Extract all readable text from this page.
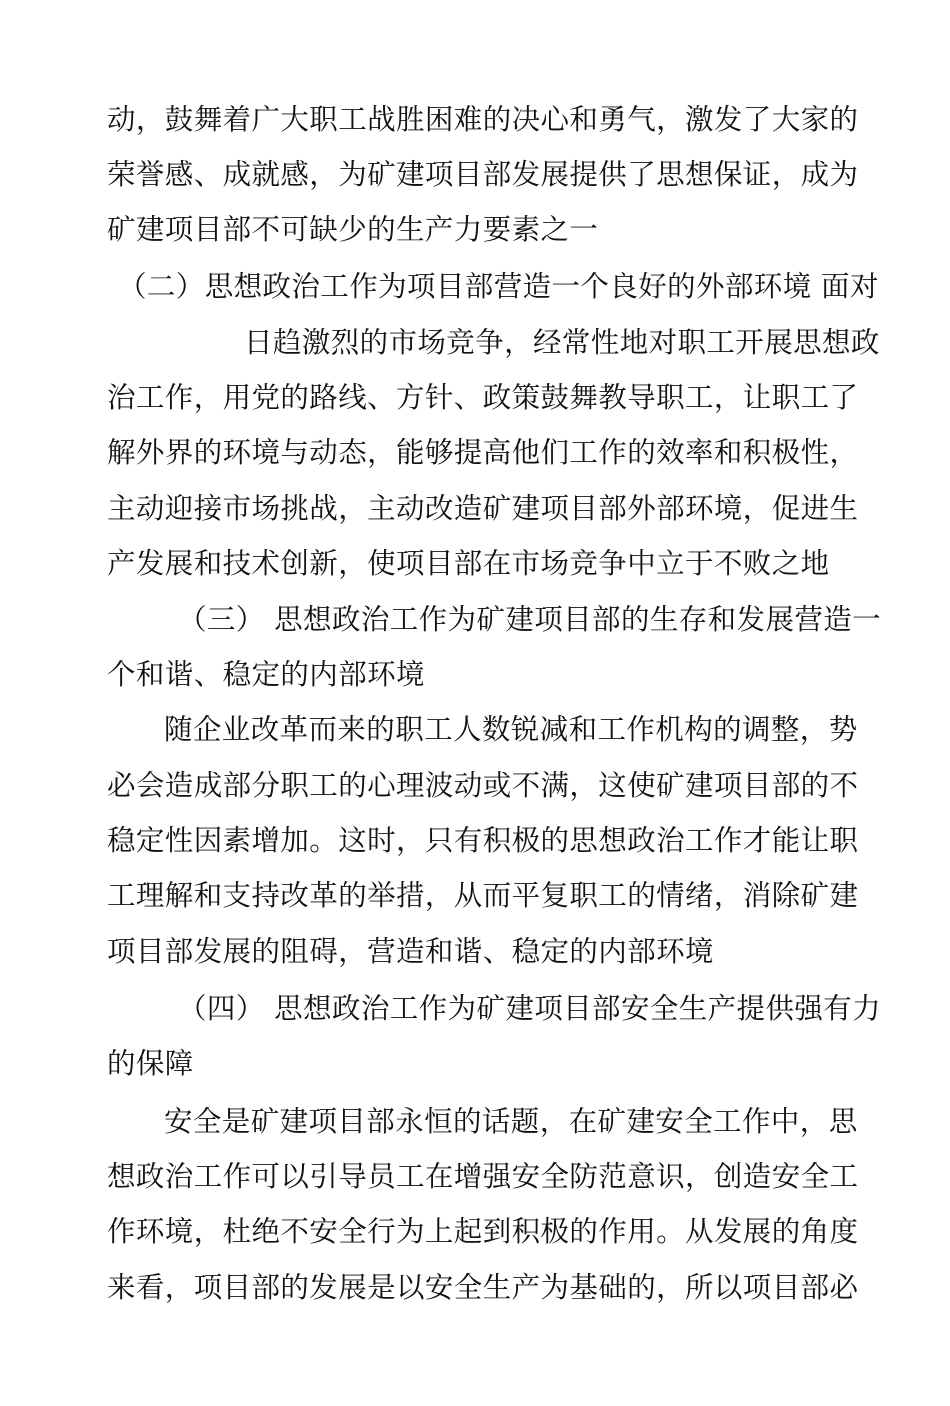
动，鼓舞着广大职工战胜困难的决心和勇气，激发了大家的
荣誉感、成就感，为矿建项目部发展提供了思想保证，成为
矿建项目部不可缺少的生产力要素之一
（二）思想政治工作为项目部营造一个良好的外部环境 面对
日趋激烈的市场竞争，经常性地对职工开展思想政
治工作，用党的路线、方针、政策鼓舞教导职工，让职工了
解外界的环境与动态，能够提高他们工作的效率和积极性，
主动迎接市场挑战，主动改造矿建项目部外部环境，促进生
产发展和技术创新，使项目部在市场竞争中立于不败之地
（三） 思想政治工作为矿建项目部的生存和发展营造一
个和谐、稳定的内部环境
随企业改革而来的职工人数锐减和工作机构的调整，势
必会造成部分职工的心理波动或不满，这使矿建项目部的不
稳定性因素增加。这时，只有积极的思想政治工作才能让职
工理解和支持改革的举措，从而平复职工的情绪，消除矿建
项目部发展的阻碍，营造和谐、稳定的内部环境
（四） 思想政治工作为矿建项目部安全生产提供强有力
的保障
安全是矿建项目部永恒的话题，在矿建安全工作中，思
想政治工作可以引导员工在增强安全防范意识，创造安全工
作环境，杜绝不安全行为上起到积极的作用。从发展的角度
来看，项目部的发展是以安全生产为基础的，所以项目部必
